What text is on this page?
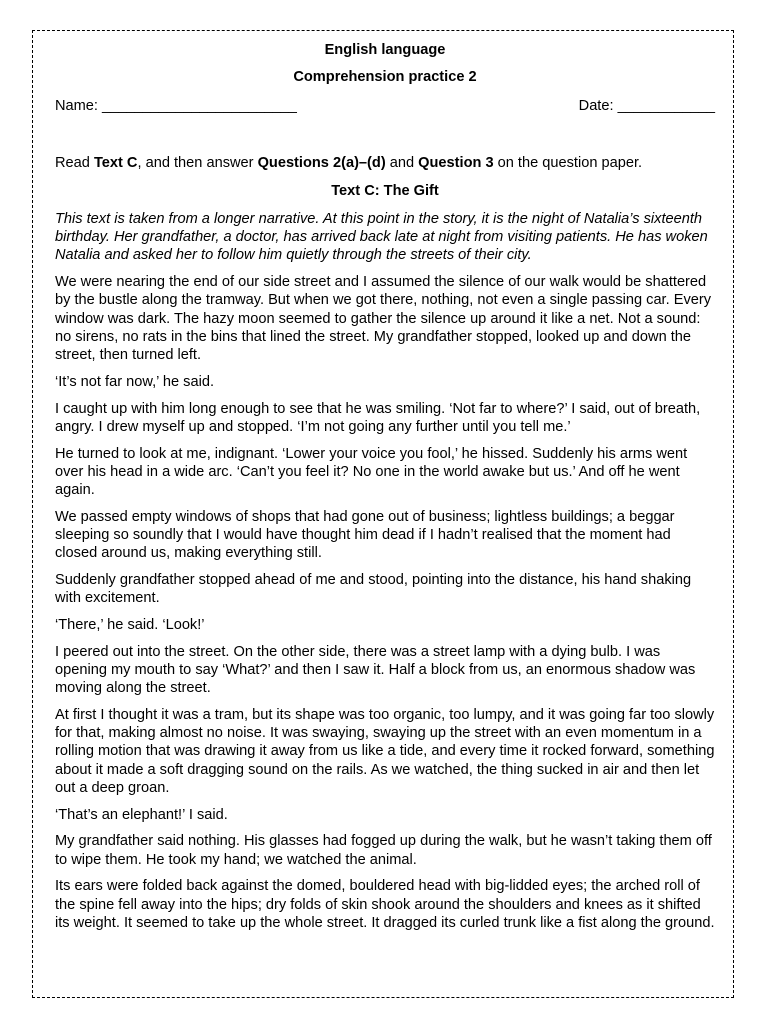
English language

Comprehension practice 2

Name: ________________________	Date: ____________

Read Text C, and then answer Questions 2(a)–(d) and Question 3 on the question paper.

Text C: The Gift

This text is taken from a longer narrative. At this point in the story, it is the night of Natalia’s sixteenth birthday. Her grandfather, a doctor, has arrived back late at night from visiting patients. He has woken Natalia and asked her to follow him quietly through the streets of their city.

We were nearing the end of our side street and I assumed the silence of our walk would be shattered by the bustle along the tramway. But when we got there, nothing, not even a single passing car. Every window was dark. The hazy moon seemed to gather the silence up around it like a net. Not a sound: no sirens, no rats in the bins that lined the street. My grandfather stopped, looked up and down the street, then turned left.

‘It’s not far now,’ he said.

I caught up with him long enough to see that he was smiling. ‘Not far to where?’ I said, out of breath, angry. I drew myself up and stopped. ‘I’m not going any further until you tell me.’

He turned to look at me, indignant. ‘Lower your voice you fool,’ he hissed. Suddenly his arms went over his head in a wide arc. ‘Can’t you feel it? No one in the world awake but us.’ And off he went again.

We passed empty windows of shops that had gone out of business; lightless buildings; a beggar sleeping so soundly that I would have thought him dead if I hadn’t realised that the moment had closed around us, making everything still.

Suddenly grandfather stopped ahead of me and stood, pointing into the distance, his hand shaking with excitement.

‘There,’ he said. ‘Look!’

I peered out into the street. On the other side, there was a street lamp with a dying bulb. I was opening my mouth to say ‘What?’ and then I saw it. Half a block from us, an enormous shadow was moving along the street.

At first I thought it was a tram, but its shape was too organic, too lumpy, and it was going far too slowly for that, making almost no noise. It was swaying, swaying up the street with an even momentum in a rolling motion that was drawing it away from us like a tide, and every time it rocked forward, something about it made a soft dragging sound on the rails. As we watched, the thing sucked in air and then let out a deep groan.

‘That’s an elephant!’ I said.

My grandfather said nothing. His glasses had fogged up during the walk, but he wasn’t taking them off to wipe them. He took my hand; we watched the animal.

Its ears were folded back against the domed, bouldered head with big-lidded eyes; the arched roll of the spine fell away into the hips; dry folds of skin shook around the shoulders and knees as it shifted its weight. It seemed to take up the whole street. It dragged its curled trunk like a fist along the ground.
